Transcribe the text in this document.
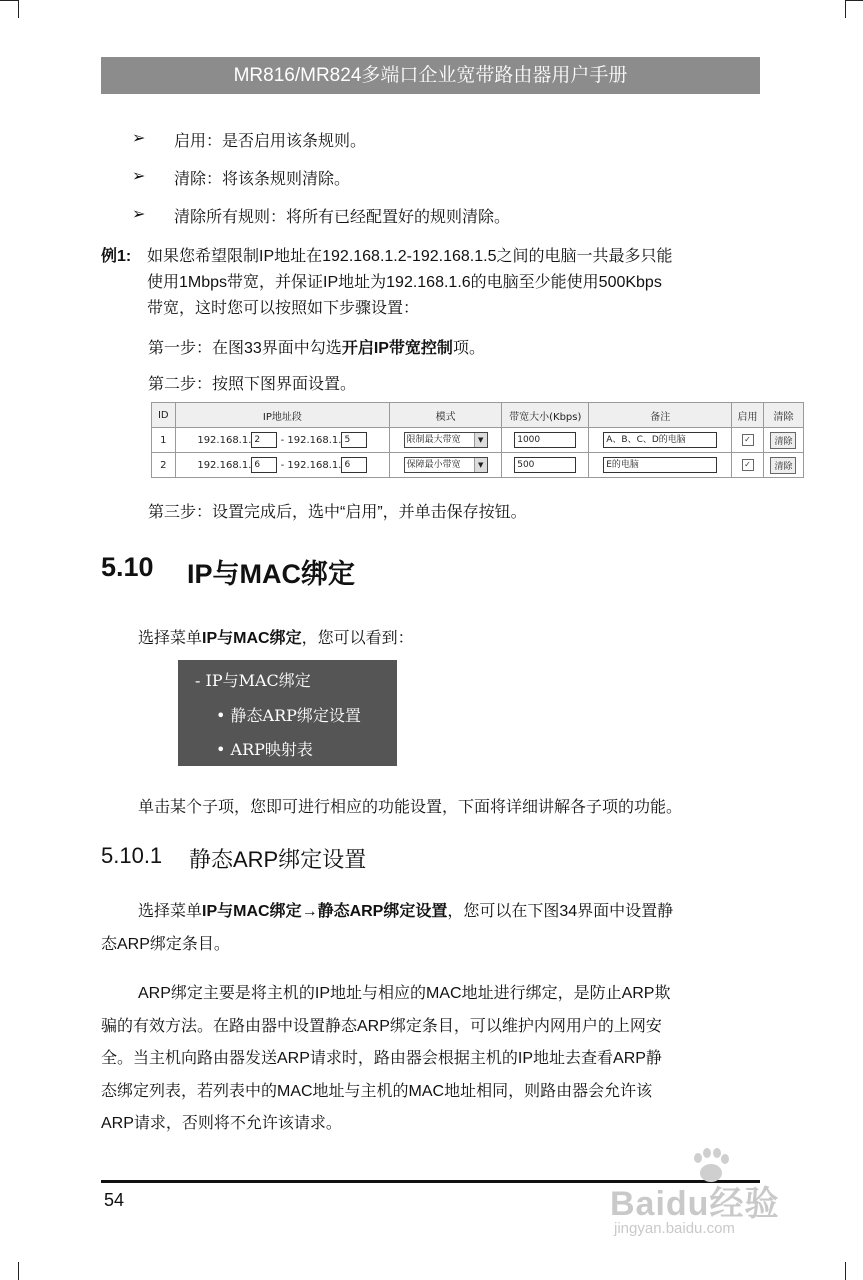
MR816/MR824多端口企业宽带路由器用户手册
➢ 启用：是否启用该条规则。
➢ 清除：将该条规则清除。
➢ 清除所有规则：将所有已经配置好的规则清除。
例1: 如果您希望限制IP地址在192.168.1.2-192.168.1.5之间的电脑一共最多只能
使用1Mbps带宽，并保证IP地址为192.168.1.6的电脑至少能使用500Kbps
带宽，这时您可以按照如下步骤设置：
第一步：在图33界面中勾选开启IP带宽控制项。
第二步：按照下图界面设置。
ID	IP地址段	模式	带宽大小(Kbps)	备注	启用	清除
1	192.168.1. 2 - 192.168.1. 5	限制最大带宽 ▼	1000	A、B、C、D的电脑	✓	清除
2	192.168.1. 6 - 192.168.1. 6	保障最小带宽 ▼	500	E的电脑	✓	清除
第三步：设置完成后，选中“启用”，并单击保存按钮。
5.10 IP与MAC绑定
选择菜单IP与MAC绑定，您可以看到：
- IP与MAC绑定
• 静态ARP绑定设置
• ARP映射表
单击某个子项，您即可进行相应的功能设置，下面将详细讲解各子项的功能。
5.10.1 静态ARP绑定设置
选择菜单IP与MAC绑定→静态ARP绑定设置，您可以在下图34界面中设置静
态ARP绑定条目。
ARP绑定主要是将主机的IP地址与相应的MAC地址进行绑定，是防止ARP欺
骗的有效方法。在路由器中设置静态ARP绑定条目，可以维护内网用户的上网安
全。当主机向路由器发送ARP请求时，路由器会根据主机的IP地址去查看ARP静
态绑定列表，若列表中的MAC地址与主机的MAC地址相同，则路由器会允许该
ARP请求，否则将不允许该请求。
54	Baidu经验
jingyan.baidu.com
